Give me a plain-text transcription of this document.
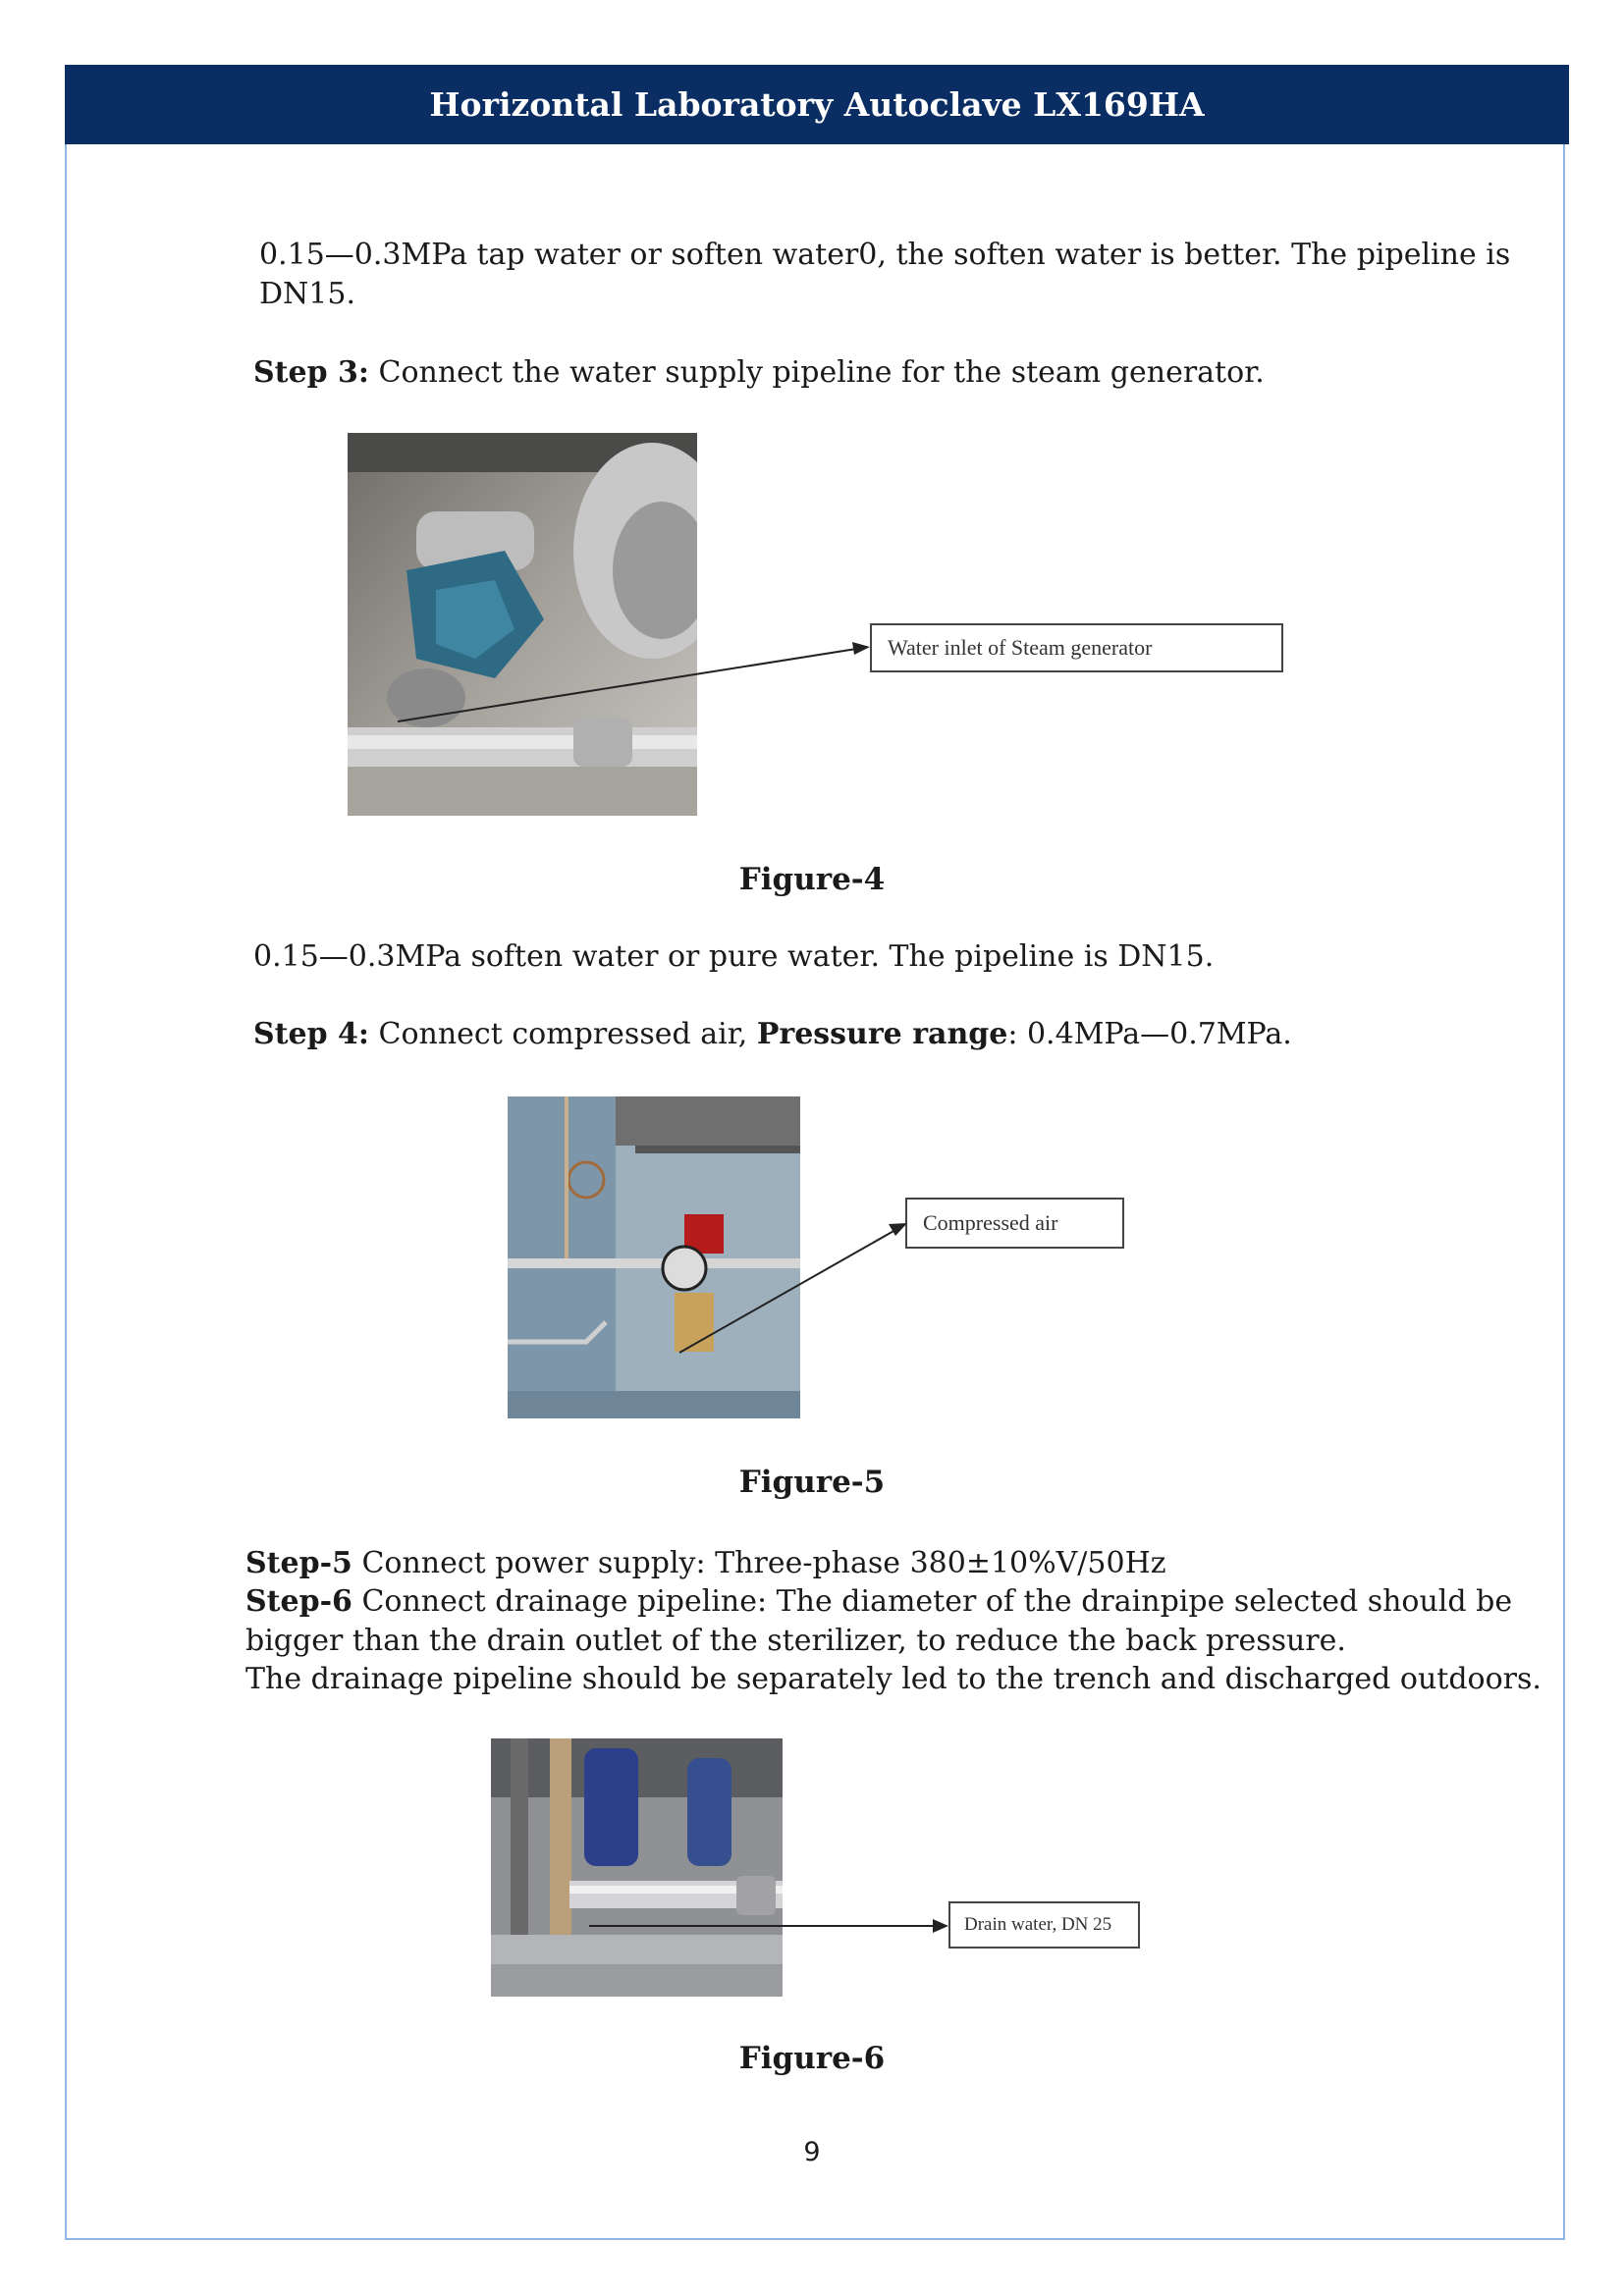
Horizontal Laboratory Autoclave LX169HA

0.15—0.3MPa tap water or soften water0, the soften water is better. The pipeline is

DN15.

Step 3: Connect the water supply pipeline for the steam generator.

Water inlet of Steam generator
Figure-4

0.15—0.3MPa soften water or pure water. The pipeline is DN15.

Step 4: Connect compressed air, Pressure range: 0.4MPa—0.7MPa.

Compressed air
Figure-5

Step-5 Connect power supply: Three-phase 380±10%V/50Hz

Step-6 Connect drainage pipeline: The diameter of the drainpipe selected should be

bigger than the drain outlet of the sterilizer, to reduce the back pressure.

The drainage pipeline should be separately led to the trench and discharged outdoors.

Drain water, DN 25
Figure-6
9
